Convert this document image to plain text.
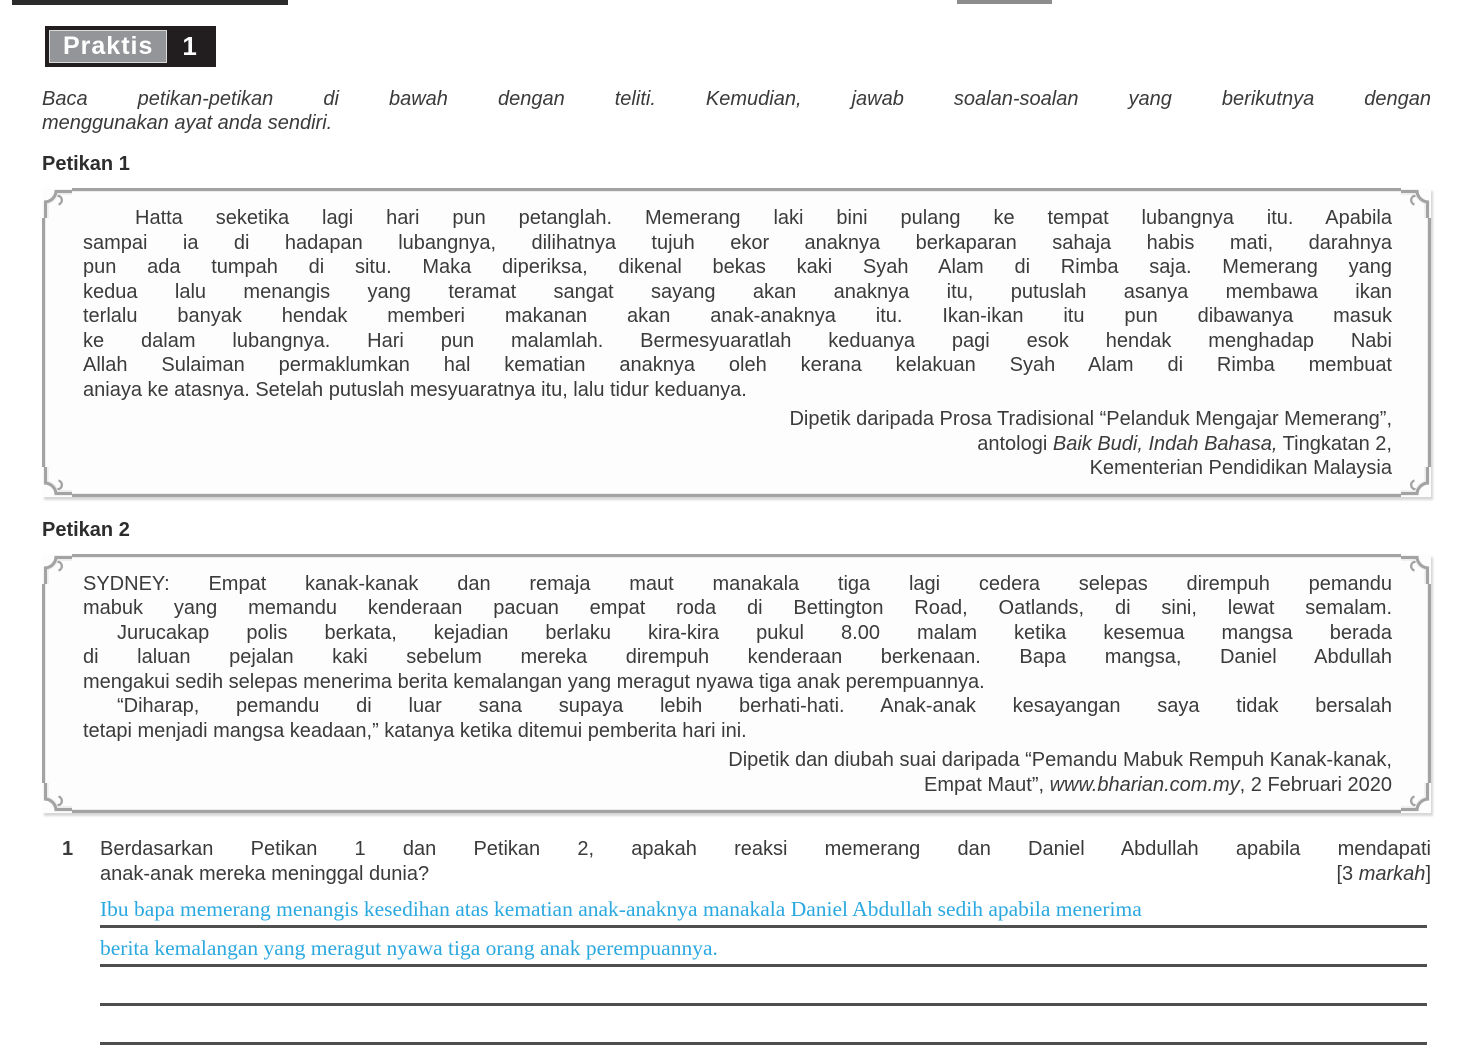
Praktis	1
Baca petikan-petikan di bawah dengan teliti. Kemudian, jawab soalan-soalan yang berikutnya dengan
menggunakan ayat anda sendiri.
Petikan 1
Hatta seketika lagi hari pun petanglah. Memerang laki bini pulang ke tempat lubangnya itu. Apabila
sampai ia di hadapan lubangnya, dilihatnya tujuh ekor anaknya berkaparan sahaja habis mati, darahnya
pun ada tumpah di situ. Maka diperiksa, dikenal bekas kaki Syah Alam di Rimba saja. Memerang yang
kedua lalu menangis yang teramat sangat sayang akan anaknya itu, putuslah asanya membawa ikan
terlalu banyak hendak memberi makanan akan anak-anaknya itu. Ikan-ikan itu pun dibawanya masuk
ke dalam lubangnya. Hari pun malamlah. Bermesyuaratlah keduanya pagi esok hendak menghadap Nabi
Allah Sulaiman permaklumkan hal kematian anaknya oleh kerana kelakuan Syah Alam di Rimba membuat
aniaya ke atasnya. Setelah putuslah mesyuaratnya itu, lalu tidur keduanya.
Dipetik daripada Prosa Tradisional “Pelanduk Mengajar Memerang”,
antologi Baik Budi, Indah Bahasa, Tingkatan 2,
Kementerian Pendidikan Malaysia
Petikan 2
SYDNEY: Empat kanak-kanak dan remaja maut manakala tiga lagi cedera selepas dirempuh pemandu
mabuk yang memandu kenderaan pacuan empat roda di Bettington Road, Oatlands, di sini, lewat semalam.
Jurucakap polis berkata, kejadian berlaku kira-kira pukul 8.00 malam ketika kesemua mangsa berada
di laluan pejalan kaki sebelum mereka dirempuh kenderaan berkenaan. Bapa mangsa, Daniel Abdullah
mengakui sedih selepas menerima berita kemalangan yang meragut nyawa tiga anak perempuannya.
“Diharap, pemandu di luar sana supaya lebih berhati-hati. Anak-anak kesayangan saya tidak bersalah
tetapi menjadi mangsa keadaan,” katanya ketika ditemui pemberita hari ini.
Dipetik dan diubah suai daripada “Pemandu Mabuk Rempuh Kanak-kanak,
Empat Maut”, www.bharian.com.my, 2 Februari 2020
1	Berdasarkan Petikan 1 dan Petikan 2, apakah reaksi memerang dan Daniel Abdullah apabila mendapati
anak-anak mereka meninggal dunia?	[3 markah]
Ibu bapa memerang menangis kesedihan atas kematian anak-anaknya manakala Daniel Abdullah sedih apabila menerima
berita kemalangan yang meragut nyawa tiga orang anak perempuannya.
